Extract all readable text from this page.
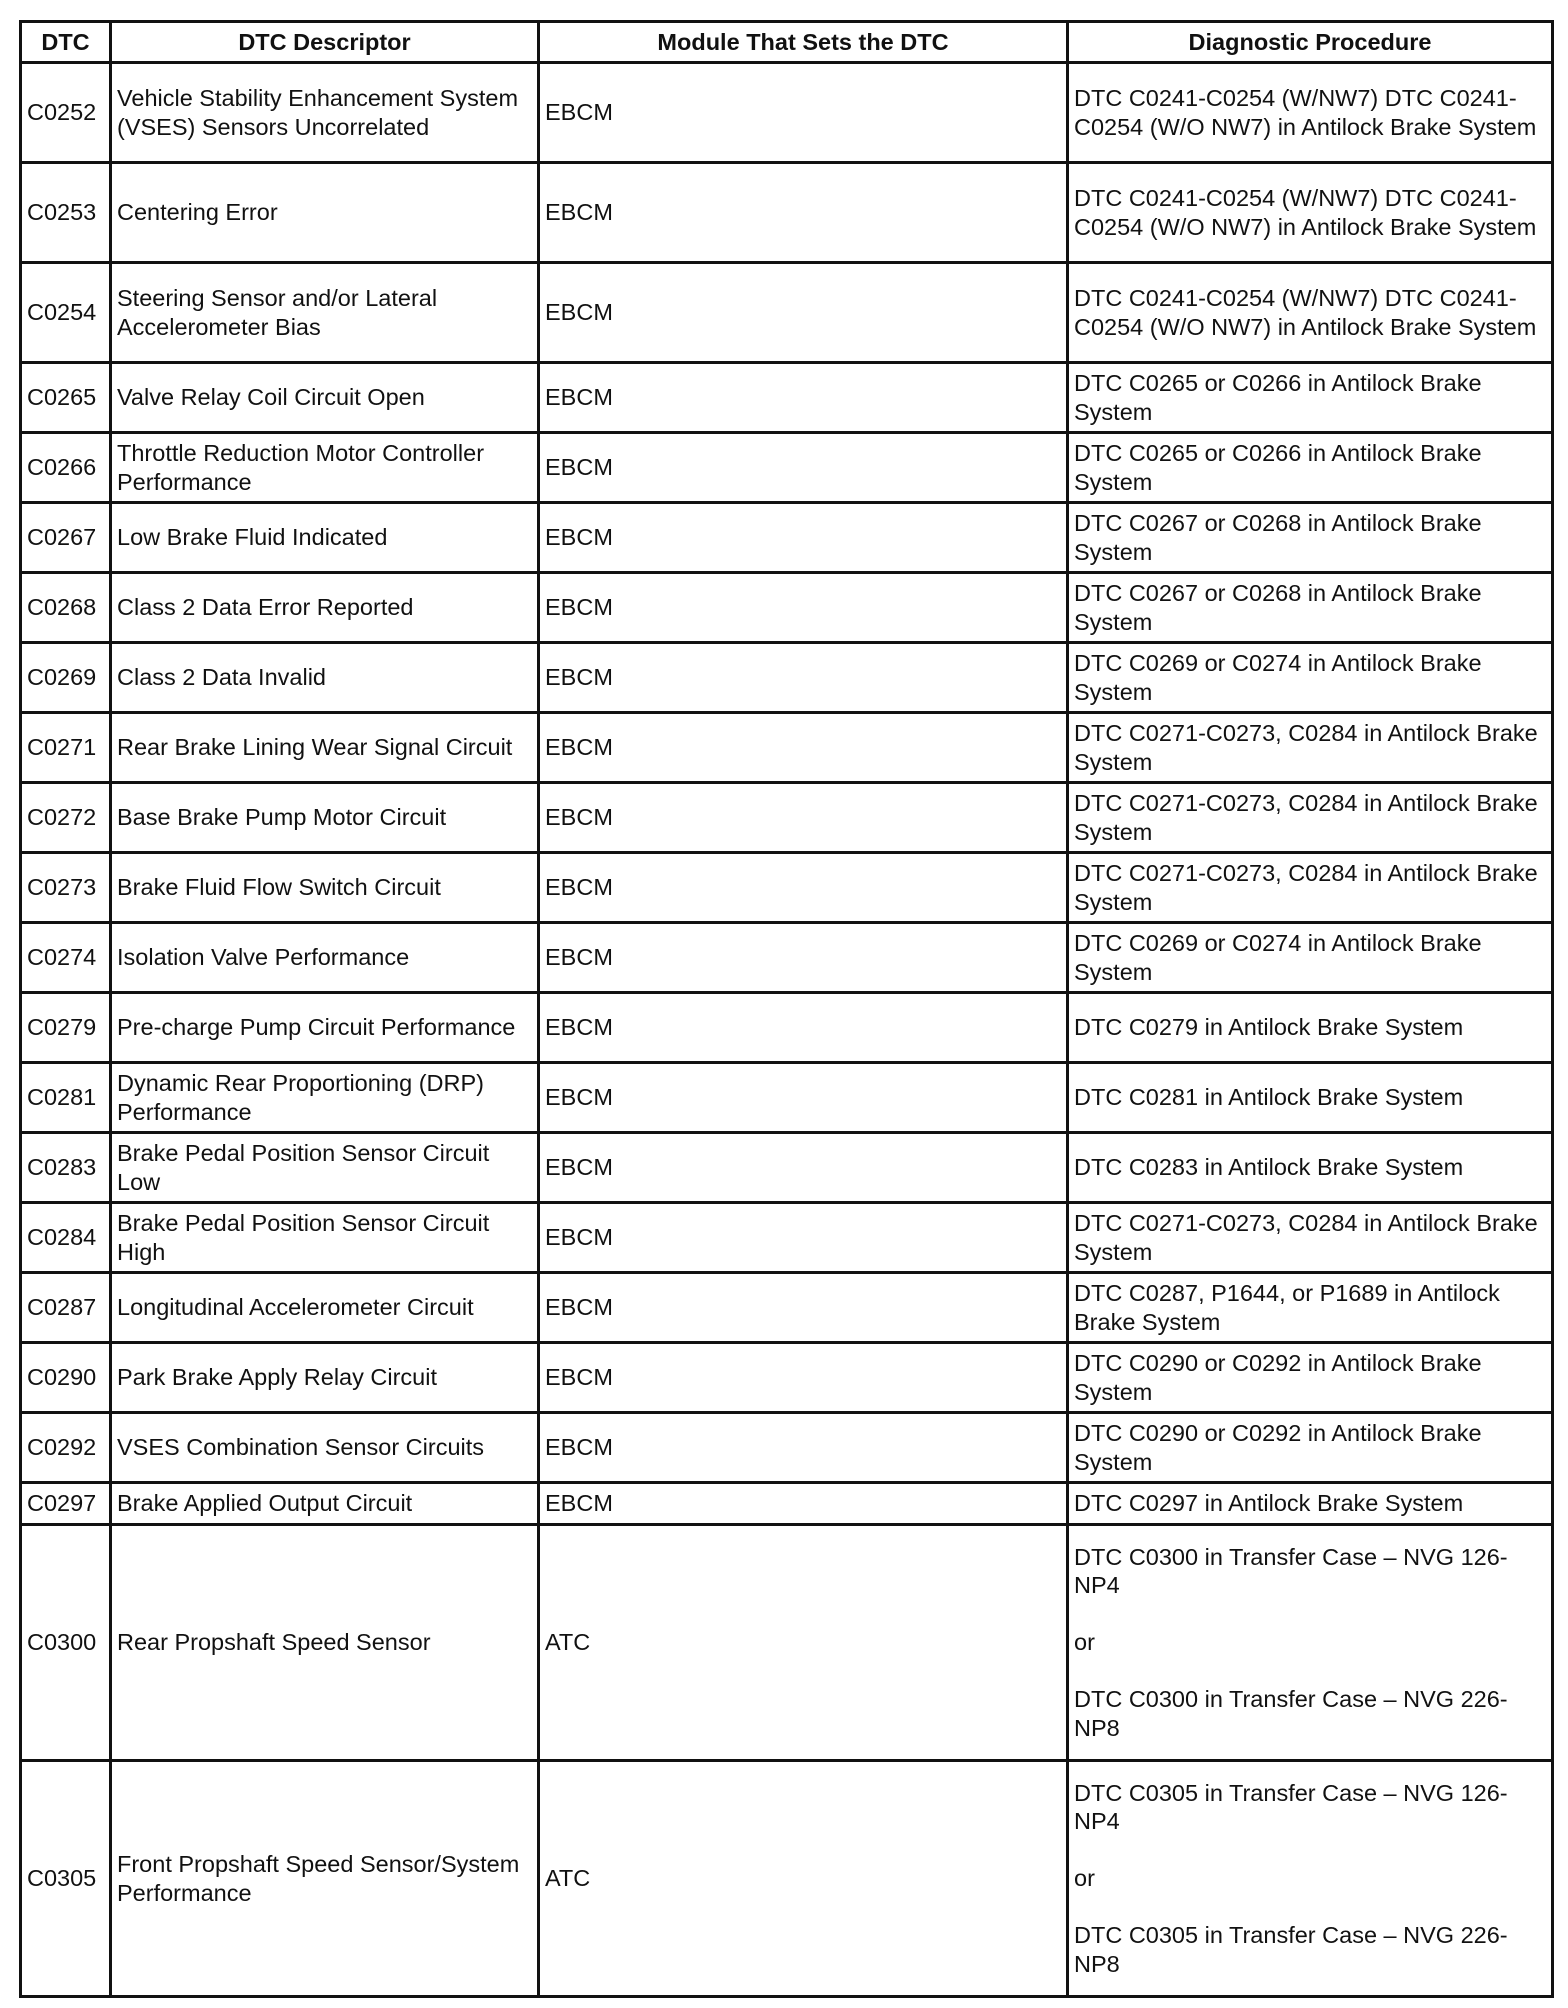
DTC	DTC Descriptor	Module That Sets the DTC	Diagnostic Procedure
C0252	Vehicle Stability Enhancement System (VSES) Sensors Uncorrelated	EBCM	DTC C0241-C0254 (W/NW7) DTC C0241-C0254 (W/O NW7) in Antilock Brake System
C0253	Centering Error	EBCM	DTC C0241-C0254 (W/NW7) DTC C0241-C0254 (W/O NW7) in Antilock Brake System
C0254	Steering Sensor and/or Lateral Accelerometer Bias	EBCM	DTC C0241-C0254 (W/NW7) DTC C0241-C0254 (W/O NW7) in Antilock Brake System
C0265	Valve Relay Coil Circuit Open	EBCM	DTC C0265 or C0266 in Antilock Brake System
C0266	Throttle Reduction Motor Controller Performance	EBCM	DTC C0265 or C0266 in Antilock Brake System
C0267	Low Brake Fluid Indicated	EBCM	DTC C0267 or C0268 in Antilock Brake System
C0268	Class 2 Data Error Reported	EBCM	DTC C0267 or C0268 in Antilock Brake System
C0269	Class 2 Data Invalid	EBCM	DTC C0269 or C0274 in Antilock Brake System
C0271	Rear Brake Lining Wear Signal Circuit	EBCM	DTC C0271-C0273, C0284 in Antilock Brake System
C0272	Base Brake Pump Motor Circuit	EBCM	DTC C0271-C0273, C0284 in Antilock Brake System
C0273	Brake Fluid Flow Switch Circuit	EBCM	DTC C0271-C0273, C0284 in Antilock Brake System
C0274	Isolation Valve Performance	EBCM	DTC C0269 or C0274 in Antilock Brake System
C0279	Pre-charge Pump Circuit Performance	EBCM	DTC C0279 in Antilock Brake System
C0281	Dynamic Rear Proportioning (DRP) Performance	EBCM	DTC C0281 in Antilock Brake System
C0283	Brake Pedal Position Sensor Circuit Low	EBCM	DTC C0283 in Antilock Brake System
C0284	Brake Pedal Position Sensor Circuit High	EBCM	DTC C0271-C0273, C0284 in Antilock Brake System
C0287	Longitudinal Accelerometer Circuit	EBCM	DTC C0287, P1644, or P1689 in Antilock Brake System
C0290	Park Brake Apply Relay Circuit	EBCM	DTC C0290 or C0292 in Antilock Brake System
C0292	VSES Combination Sensor Circuits	EBCM	DTC C0290 or C0292 in Antilock Brake System
C0297	Brake Applied Output Circuit	EBCM	DTC C0297 in Antilock Brake System
C0300	Rear Propshaft Speed Sensor	ATC	DTC C0300 in Transfer Case – NVG 126-NP4

or

DTC C0300 in Transfer Case – NVG 226-NP8
C0305	Front Propshaft Speed Sensor/System Performance	ATC	DTC C0305 in Transfer Case – NVG 126-NP4

or

DTC C0305 in Transfer Case – NVG 226-NP8
